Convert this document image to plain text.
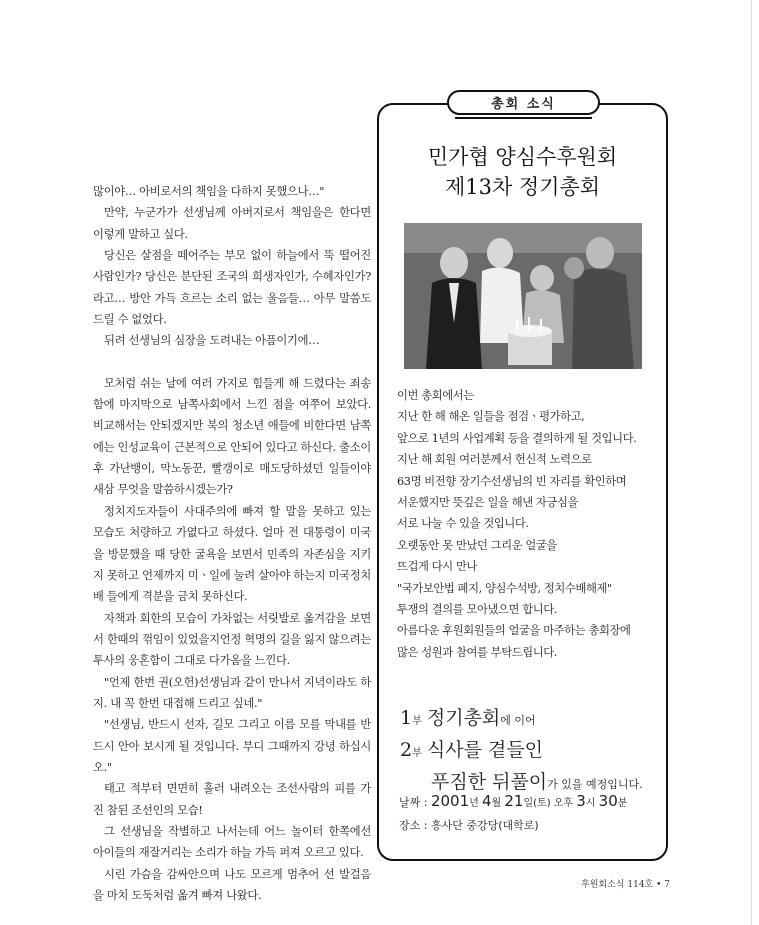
많이야… 아비로서의 책임을 다하지 못했으나…"

만약, 누군가가 선생님께 아버지로서 책임을은 한다면 이렇게 말하고 싶다.

당신은 살점을 떼어주는 부모 없이 하늘에서 뚝 떨어진 사람인가? 당신은 분단된 조국의 희생자인가, 수혜자인가? 라고… 방안 가득 흐르는 소리 없는 울음들… 아무 말씀도 드릴 수 없었다.

뒤려 선생님의 심장을 도려내는 아픔이기에…

모처럼 쉬는 날에 여러 가지로 힘들게 해 드렸다는 죄송함에 마지막으로 남쪽사회에서 느낀 점을 여쭈어 보았다. 비교해서는 안되겠지만 북의 청소년 애들에 비한다면 남쪽에는 인성교육이 근본적으로 안되어 있다고 하신다. 출소이후 가난뱅이, 막노동꾼, 빨갱이로 매도당하셨던 일들이야 새삼 무엇을 말씀하시겠는가?

정치지도자들이 사대주의에 빠져 할 말을 못하고 있는 모습도 처량하고 가엾다고 하셨다. 얼마 전 대통령이 미국을 방문했을 때 당한 굴욕을 보면서 민족의 자존심을 지키지 못하고 언제까지 미ㆍ일에 눌려 살아야 하는지 미국정치배 들에게 격분을 금치 못하신다.

자책과 회한의 모습이 가차없는 서릿발로 옮겨감을 보면서 한때의 꺾임이 있었을지언정 혁명의 길을 잃지 않으려는 투사의 웅혼함이 그대로 다가옴을 느낀다.

"언제 한번 권(오헌)선생님과 같이 만나서 지녁이라도 하지. 내 꼭 한번 대접해 드리고 싶네."

"선생님, 반드시 선자, 길모 그리고 이름 모를 막내를 반드시 안아 보시게 될 것입니다. 부디 그때까지 강녕 하십시오."

태고 적부터 면면히 흘러 내려오는 조선사람의 피를 가진 참된 조선인의 모습!

그 선생님을 작별하고 나서는데 어느 놀이터 한쪽에선 아이들의 재잘거리는 소리가 하늘 가득 퍼져 오르고 있다.

시린 가슴을 감싸안으며 나도 모르게 멈추어 선 발걸음을 마치 도둑처럼 옮겨 빠져 나왔다.

총회 소식
민가협 양심수후원회
제13차 정기총회

이번 총회에서는

지난 한 해 해온 일들을 점검ㆍ평가하고,

앞으로 1년의 사업계획 등을 결의하게 될 것입니다.

지난 해 회원 여러분께서 헌신적 노력으로

63명 비전향 장기수선생님의 빈 자리를 확인하며

서운했지만 뜻깊은 일을 해낸 자긍심을

서로 나눌 수 있을 것입니다.

오랫동안 못 만났던 그리운 얼굴을

뜨겁게 다시 만나

"국가보안법 폐지, 양심수석방, 정치수배해제"

투쟁의 결의를 모아냈으면 합니다.

아름다운 후원회원들의 얼굴을 마주하는 총회장에

많은 성원과 참여를 부탁드립니다.

1부 정기총회에 이어
2부 식사를 곁들인
푸짐한 뒤풀이가 있을 예정입니다.
날짜 : 2001년 4월 21일(토) 오후 3시 30분
장소 : 흥사단 중강당(대학로)
후원회소식 114호 • 7
